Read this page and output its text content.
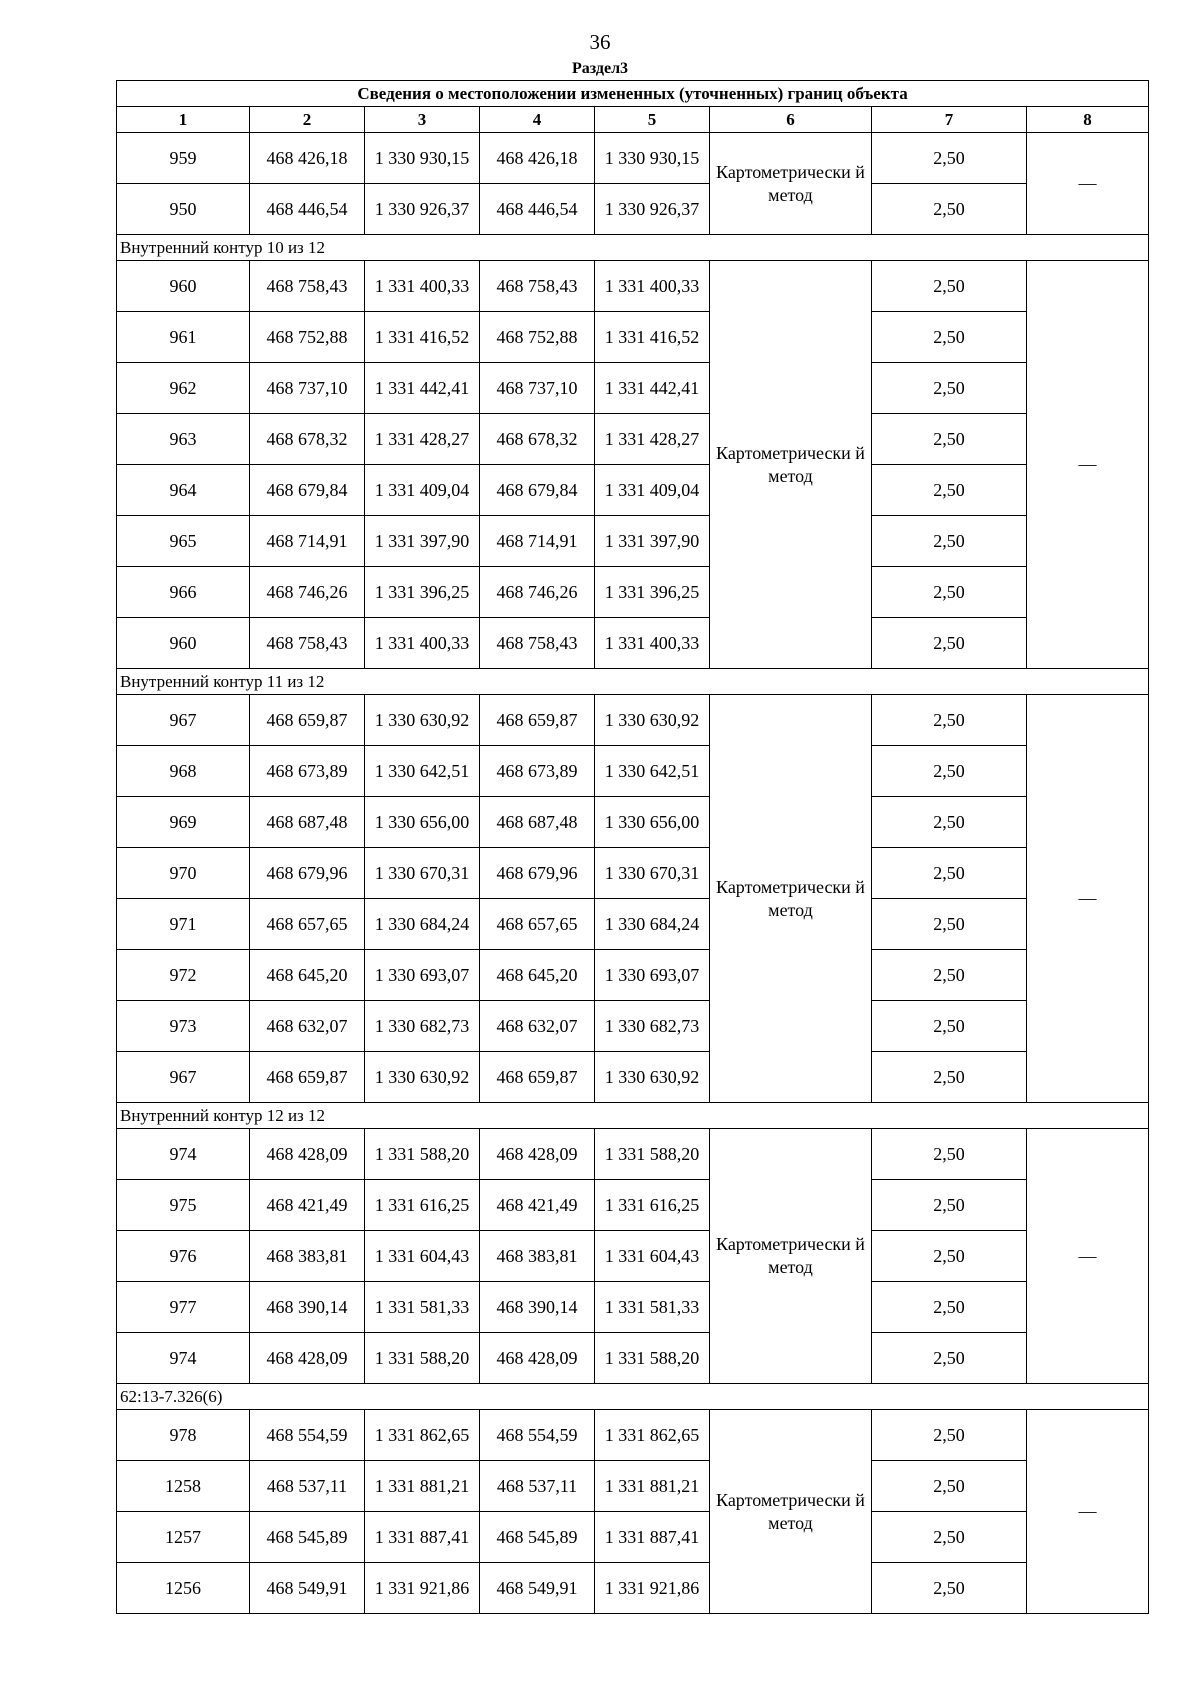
36
Раздел3
Сведения о местоположении измененных (уточненных) границ объекта							
1	2	3	4	5	6	7	8
959	468 426,18	1 330 930,15	468 426,18	1 330 930,15	Картометрически й метод	2,50	—
950	468 446,54	1 330 926,37	468 446,54	1 330 926,37		2,50	
Внутренний контур 10 из 12							
960	468 758,43	1 331 400,33	468 758,43	1 331 400,33	Картометрически й метод	2,50	—
961	468 752,88	1 331 416,52	468 752,88	1 331 416,52		2,50	
962	468 737,10	1 331 442,41	468 737,10	1 331 442,41		2,50	
963	468 678,32	1 331 428,27	468 678,32	1 331 428,27		2,50	
964	468 679,84	1 331 409,04	468 679,84	1 331 409,04		2,50	
965	468 714,91	1 331 397,90	468 714,91	1 331 397,90		2,50	
966	468 746,26	1 331 396,25	468 746,26	1 331 396,25		2,50	
960	468 758,43	1 331 400,33	468 758,43	1 331 400,33		2,50	
Внутренний контур 11 из 12							
967	468 659,87	1 330 630,92	468 659,87	1 330 630,92	Картометрически й метод	2,50	—
968	468 673,89	1 330 642,51	468 673,89	1 330 642,51		2,50	
969	468 687,48	1 330 656,00	468 687,48	1 330 656,00		2,50	
970	468 679,96	1 330 670,31	468 679,96	1 330 670,31		2,50	
971	468 657,65	1 330 684,24	468 657,65	1 330 684,24		2,50	
972	468 645,20	1 330 693,07	468 645,20	1 330 693,07		2,50	
973	468 632,07	1 330 682,73	468 632,07	1 330 682,73		2,50	
967	468 659,87	1 330 630,92	468 659,87	1 330 630,92		2,50	
Внутренний контур 12 из 12							
974	468 428,09	1 331 588,20	468 428,09	1 331 588,20	Картометрически й метод	2,50	—
975	468 421,49	1 331 616,25	468 421,49	1 331 616,25		2,50	
976	468 383,81	1 331 604,43	468 383,81	1 331 604,43		2,50	
977	468 390,14	1 331 581,33	468 390,14	1 331 581,33		2,50	
974	468 428,09	1 331 588,20	468 428,09	1 331 588,20		2,50	
62:13-7.326(6)							
978	468 554,59	1 331 862,65	468 554,59	1 331 862,65	Картометрически й метод	2,50	—
1258	468 537,11	1 331 881,21	468 537,11	1 331 881,21		2,50	
1257	468 545,89	1 331 887,41	468 545,89	1 331 887,41		2,50	
1256	468 549,91	1 331 921,86	468 549,91	1 331 921,86		2,50	
